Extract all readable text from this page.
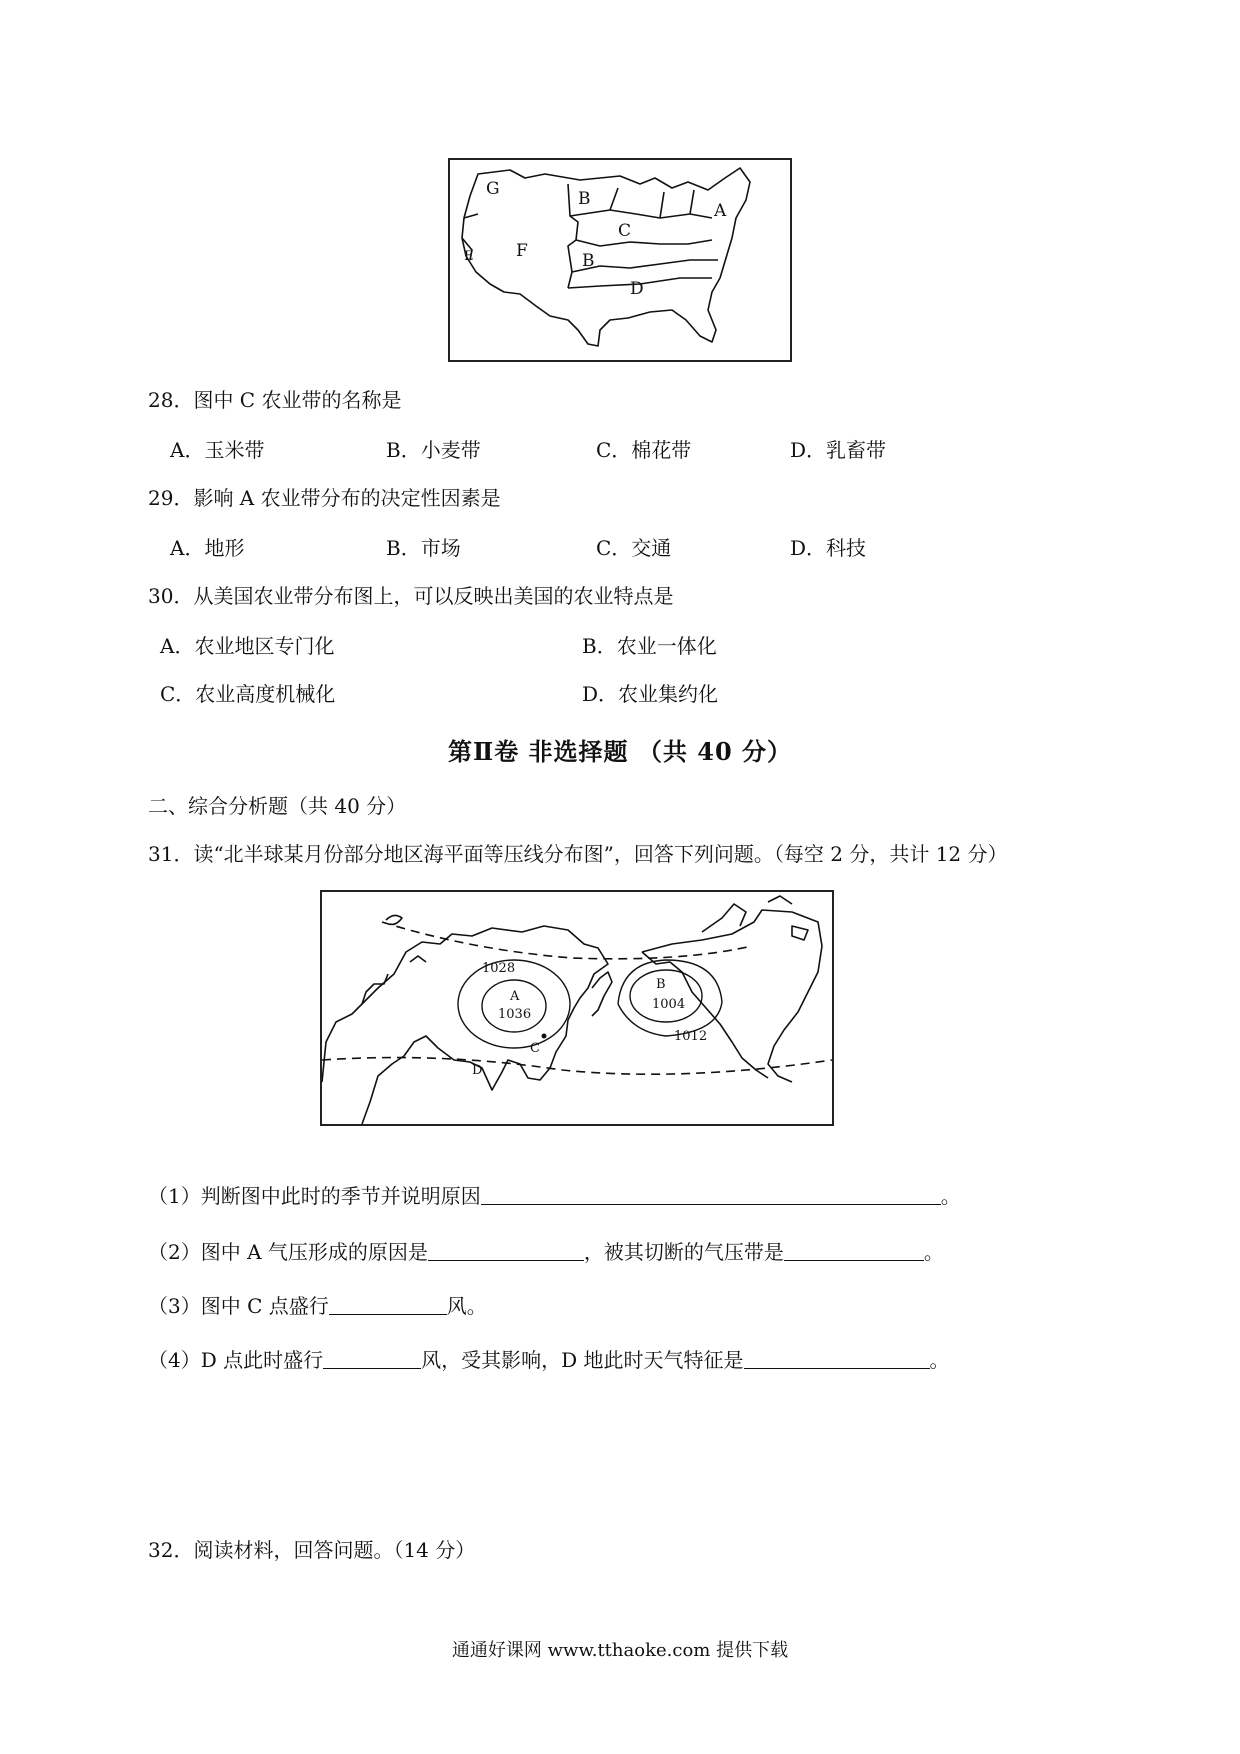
G	B
A
C
F	B
E
D
28．图中 C 农业带的名称是
A．玉米带	B．小麦带	C．棉花带	D．乳畜带
29．影响 A 农业带分布的决定性因素是
A．地形	B．市场	C．交通	D．科技
30．从美国农业带分布图上，可以反映出美国的农业特点是
A．农业地区专门化	B．农业一体化
C．农业高度机械化	D．农业集约化
第Ⅱ卷 非选择题 （共 40 分）
二、综合分析题（共 40 分）
31．读“北半球某月份部分地区海平面等压线分布图”，回答下列问题。（每空 2 分，共计 12 分）
1028
A
1036
B
1004
1012
C
D
（1）判断图中此时的季节并说明原因	。
（2）图中 A 气压形成的原因是	，被其切断的气压带是	。
（3）图中 C 点盛行	风。
（4）D 点此时盛行	风，受其影响，D 地此时天气特征是	。
32．阅读材料，回答问题。（14 分）
通通好课网 www.tthaoke.com 提供下载
